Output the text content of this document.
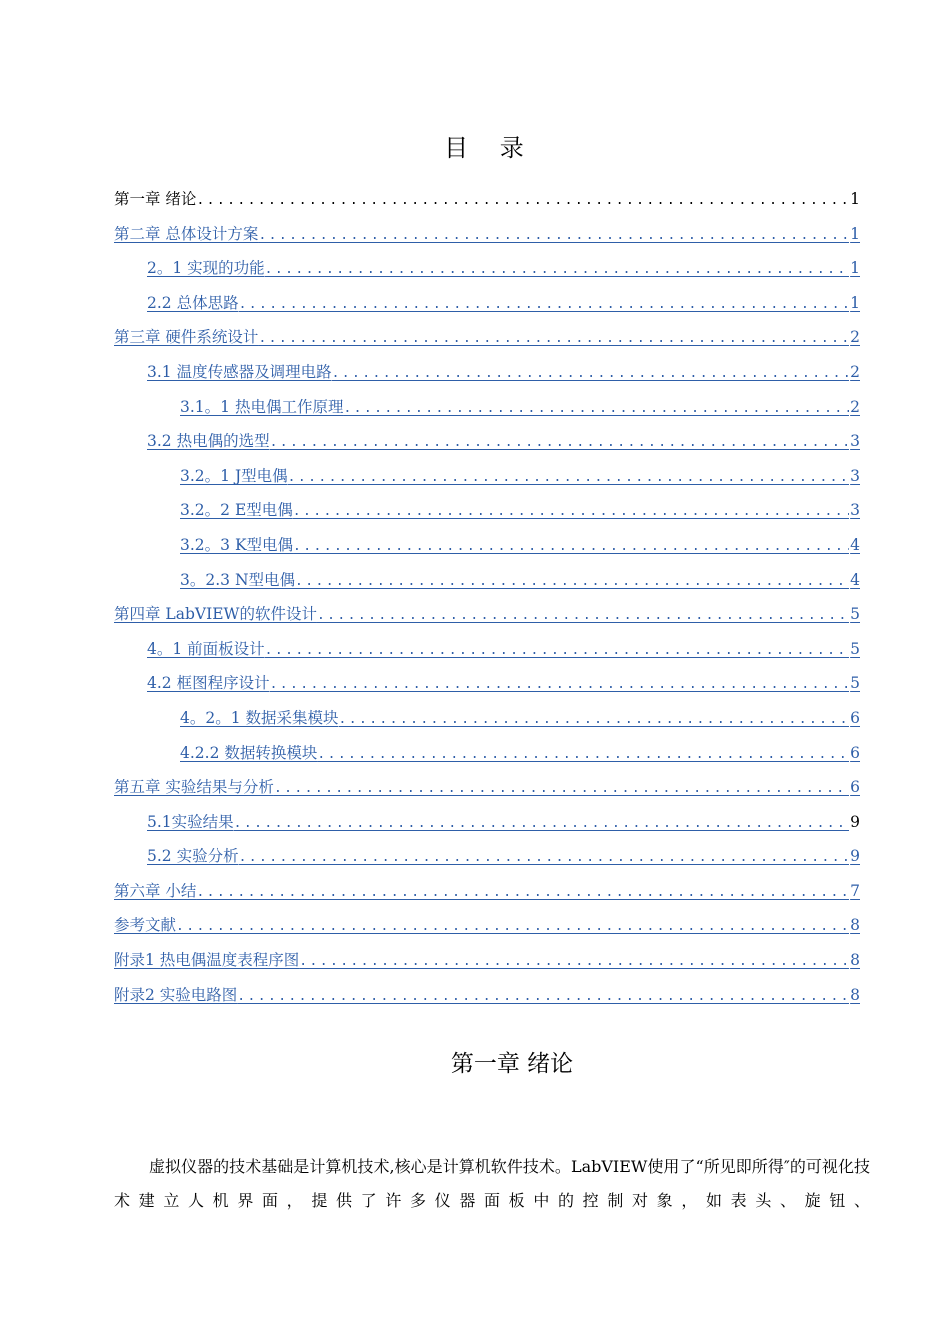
目 录
第一章 绪论 .....	1
第二章 总体设计方案 .....	1
2。1 实现的功能 .....	1
2.2 总体思路 .....	1
第三章 硬件系统设计 .....	2
3.1 温度传感器及调理电路 .....	2
3.1。1 热电偶工作原理 .....	2
3.2 热电偶的选型 .....	3
3.2。1 J型电偶 .....	3
3.2。2 E型电偶 .....	3
3.2。3 K型电偶 .....	4
3。2.3 N型电偶 .....	4
第四章 LabVIEW的软件设计 .....	5
4。1 前面板设计 .....	5
4.2 框图程序设计 .....	5
4。2。1 数据采集模块 .....	6
4.2.2 数据转换模块 .....	6
第五章 实验结果与分析 .....	6
5.1实验结果 .....	9
5.2 实验分析 .....	9
第六章 小结 .....	7
参考文献 .....	8
附录1 热电偶温度表程序图 .....	8
附录2 实验电路图 .....	8
第一章 绪论

虚拟仪器的技术基础是计算机技术,核心是计算机软件技术。LabVIEW使用了“所见即所得″的可视化技术建立人机界面，提供了许多仪器面板中的控制对象，如表头、旋钮、
